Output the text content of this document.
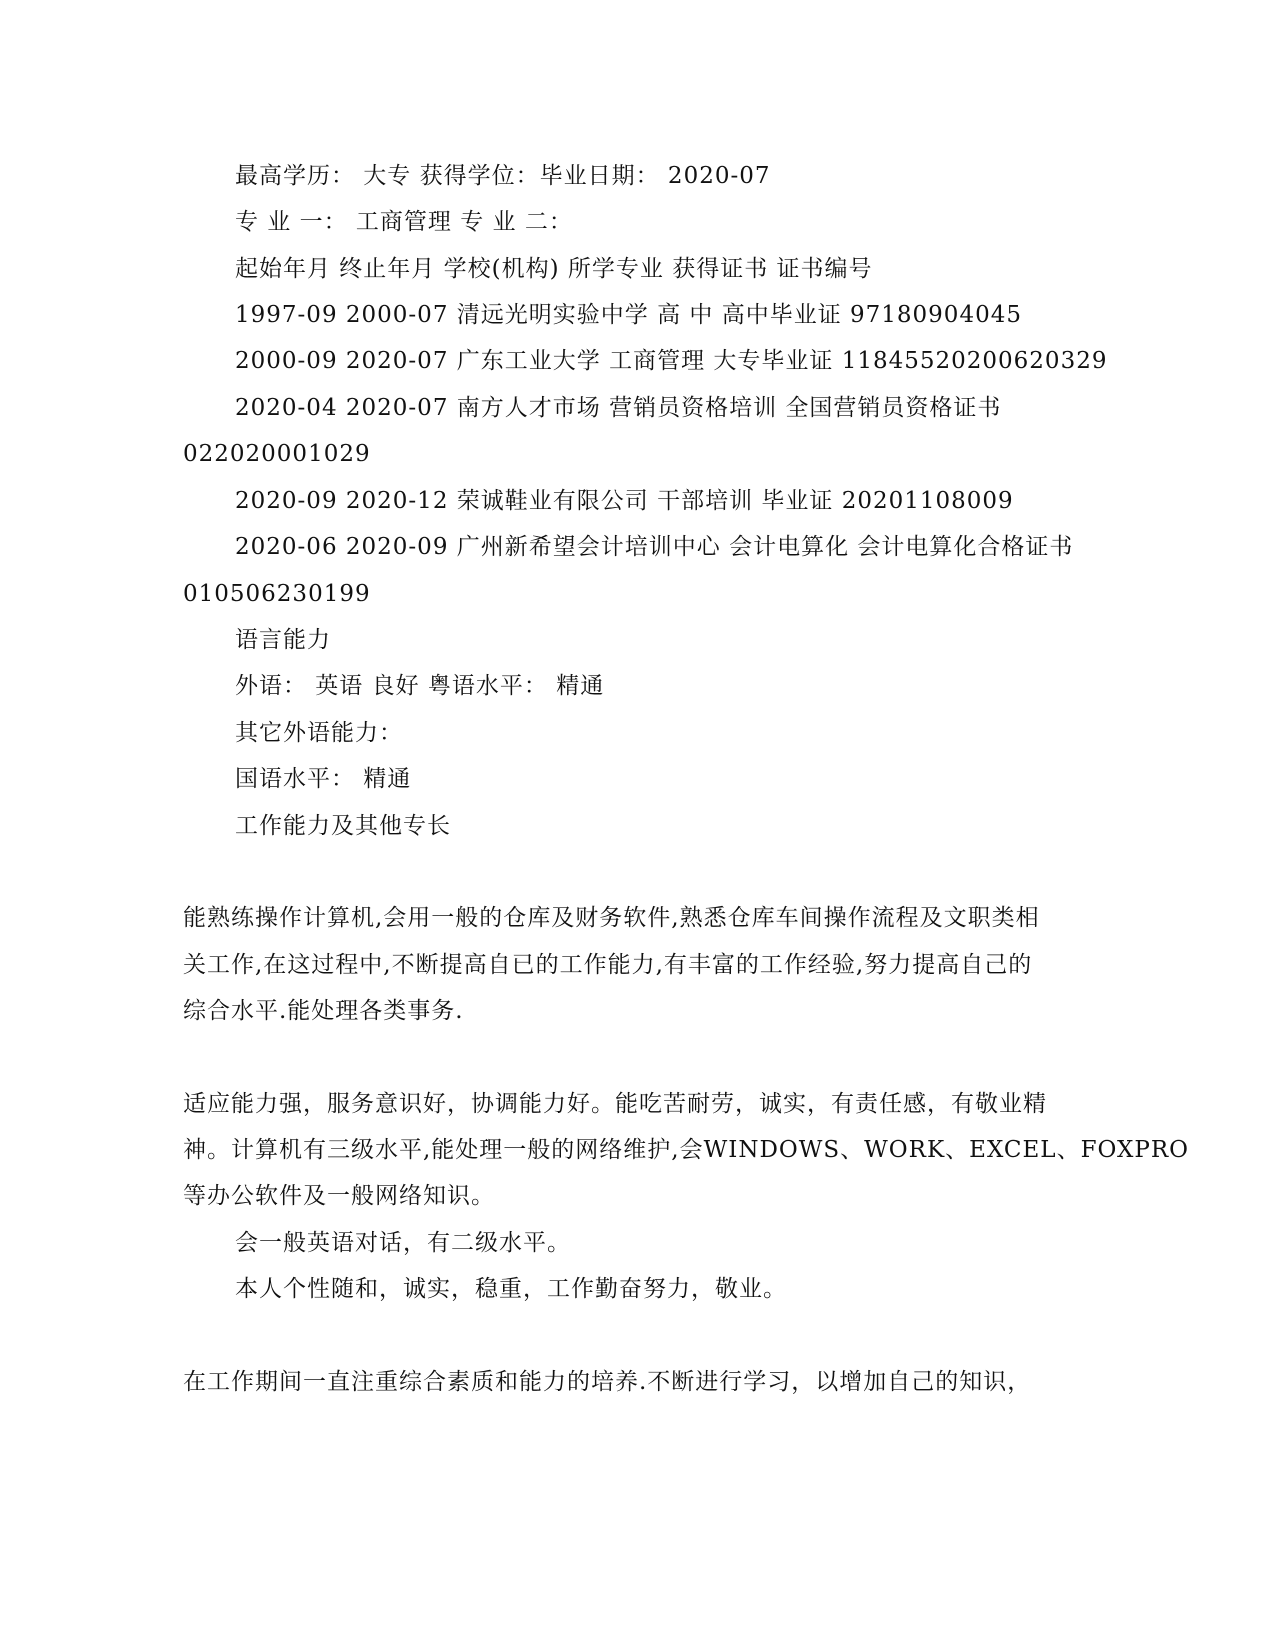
最高学历： 大专 获得学位：毕业日期： 2020-07
专 业 一： 工商管理 专 业 二：
起始年月 终止年月 学校(机构) 所学专业 获得证书 证书编号
1997-09 2000-07 清远光明实验中学 高 中 高中毕业证 97180904045
2000-09 2020-07 广东工业大学 工商管理 大专毕业证 11845520200620329
2020-04 2020-07 南方人才市场 营销员资格培训 全国营销员资格证书
022020001029
2020-09 2020-12 荣诚鞋业有限公司 干部培训 毕业证 20201108009
2020-06 2020-09 广州新希望会计培训中心 会计电算化 会计电算化合格证书
010506230199
语言能力
外语： 英语 良好 粤语水平： 精通
其它外语能力：
国语水平： 精通
工作能力及其他专长
能熟练操作计算机,会用一般的仓库及财务软件,熟悉仓库车间操作流程及文职类相
关工作,在这过程中,不断提高自已的工作能力,有丰富的工作经验,努力提高自己的
综合水平.能处理各类事务.
适应能力强，服务意识好，协调能力好。能吃苦耐劳，诚实，有责任感，有敬业精
神。计算机有三级水平,能处理一般的网络维护,会WINDOWS、WORK、EXCEL、FOXPRO
等办公软件及一般网络知识。
会一般英语对话，有二级水平。
本人个性随和，诚实，稳重，工作勤奋努力，敬业。
在工作期间一直注重综合素质和能力的培养.不断进行学习，以增加自己的知识，
